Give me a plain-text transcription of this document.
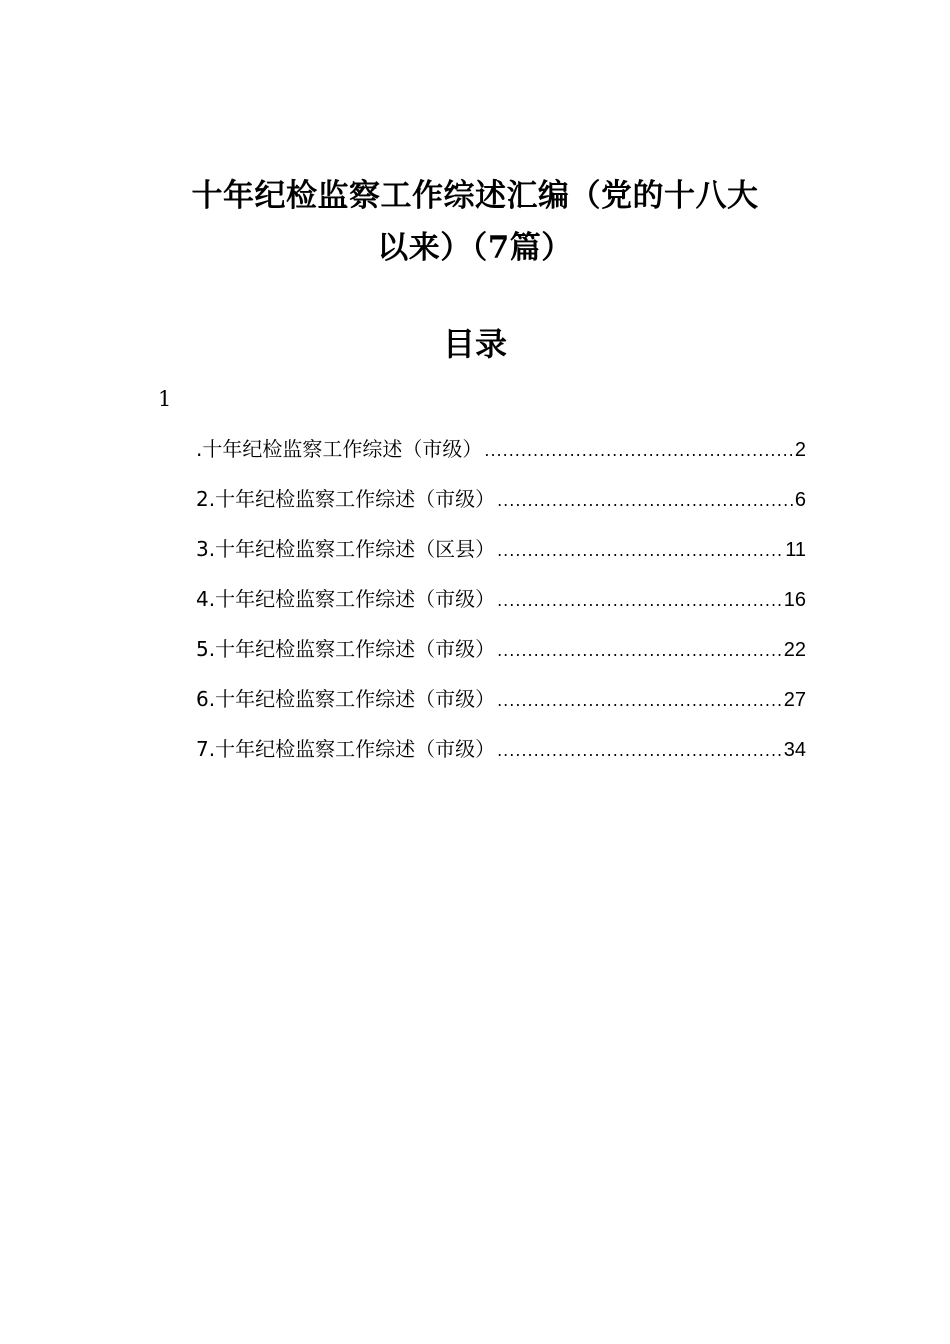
十年纪检监察工作综述汇编（党的十八大
以来）（7篇）
目录
1
.十年纪检监察工作综述（市级） .....	2
2.十年纪检监察工作综述（市级） .....	6
3.十年纪检监察工作综述（区县） .....	11
4.十年纪检监察工作综述（市级） .....	16
5.十年纪检监察工作综述（市级） .....	22
6.十年纪检监察工作综述（市级） .....	27
7.十年纪检监察工作综述（市级） .....	34
